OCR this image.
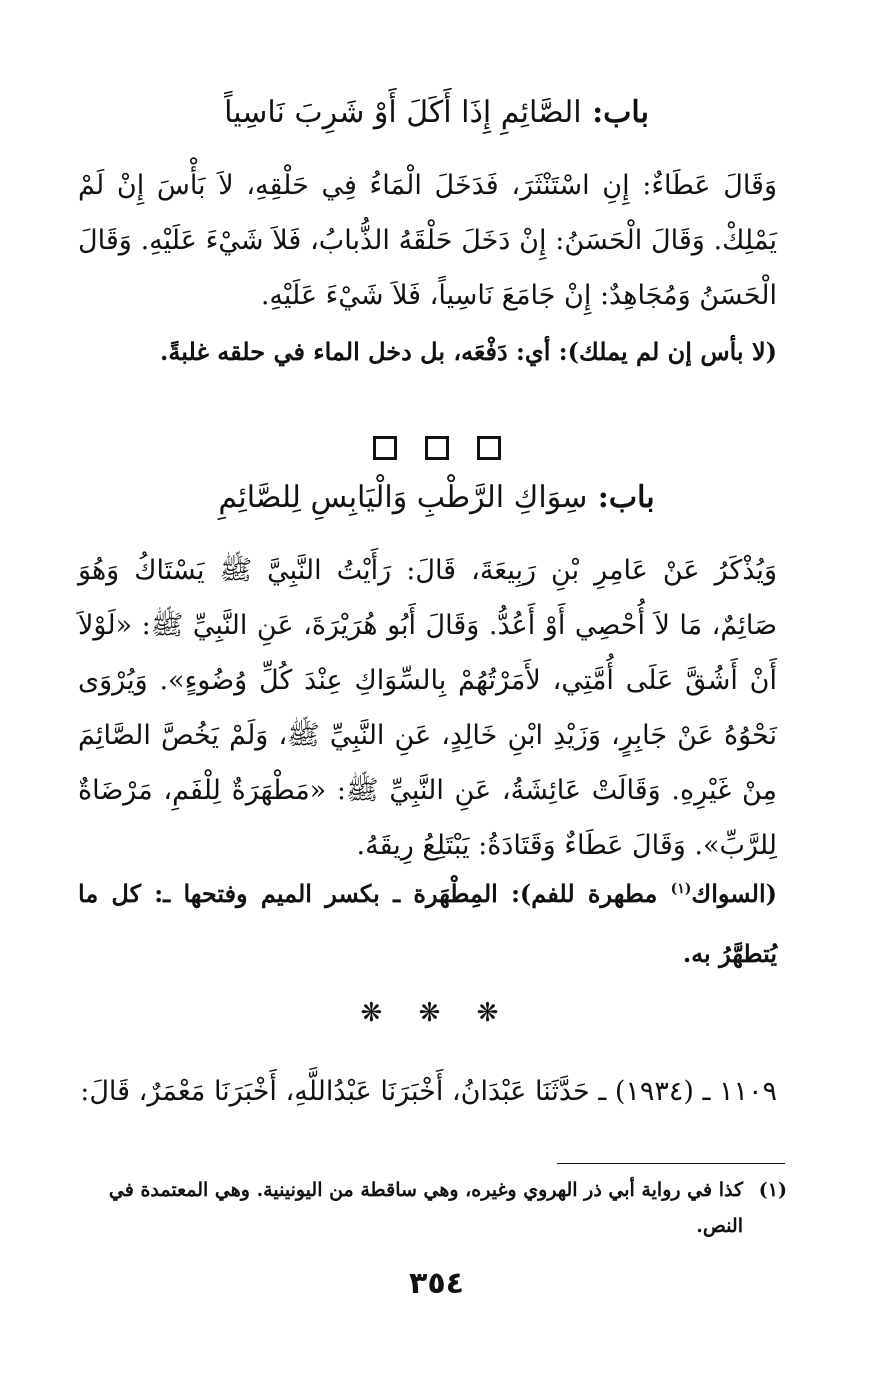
باب: الصَّائِمِ إِذَا أَكَلَ أَوْ شَرِبَ نَاسِياً
وَقَالَ عَطَاءٌ: إِنِ اسْتَنْثَرَ، فَدَخَلَ الْمَاءُ فِي حَلْقِهِ، لاَ بَأْسَ إِنْ لَمْ يَمْلِكْ. وَقَالَ الْحَسَنُ: إِنْ دَخَلَ حَلْقَهُ الذُّبابُ، فَلاَ شَيْءَ عَلَيْهِ. وَقَالَ الْحَسَنُ وَمُجَاهِدٌ: إِنْ جَامَعَ نَاسِياً، فَلاَ شَيْءَ عَلَيْهِ.
(لا بأس إن لم يملك): أي: دَفْعَه، بل دخل الماء في حلقه غلبةً.
باب: سِوَاكِ الرَّطْبِ وَالْيَابِسِ لِلصَّائِمِ
وَيُذْكَرُ عَنْ عَامِرِ بْنِ رَبِيعَةَ، قَالَ: رَأَيْتُ النَّبِيَّ ﷺ يَسْتَاكُ وَهُوَ صَائِمٌ، مَا لاَ أُحْصِي أَوْ أَعُدُّ. وَقَالَ أَبُو هُرَيْرَةَ، عَنِ النَّبِيِّ ﷺ: «لَوْلاَ أَنْ أَشُقَّ عَلَى أُمَّتِي، لأَمَرْتُهُمْ بِالسِّوَاكِ عِنْدَ كُلِّ وُضُوءٍ». وَيُرْوَى نَحْوُهُ عَنْ جَابِرٍ، وَزَيْدِ ابْنِ خَالِدٍ، عَنِ النَّبِيِّ ﷺ، وَلَمْ يَخُصَّ الصَّائِمَ مِنْ غَيْرِهِ. وَقَالَتْ عَائِشَةُ، عَنِ النَّبِيِّ ﷺ: «مَطْهَرَةٌ لِلْفَمِ، مَرْضَاةٌ لِلرَّبِّ». وَقَالَ عَطَاءٌ وَقَتَادَةُ: يَبْتَلِعُ رِيقَهُ.
(السواك$^{(١)}$ مطهرة للفم): المِطْهَرة ـ بكسر الميم وفتحها ـ: كل ما يُتطهَّرُ به.
❋ ❋ ❋
١١٠٩ ـ (١٩٣٤) ـ حَدَّثَنَا عَبْدَانُ، أَخْبَرَنَا عَبْدُاللَّهِ، أَخْبَرَنَا مَعْمَرٌ، قَالَ:
(١)
كذا في رواية أبي ذر الهروي وغيره، وهي ساقطة من اليونينية. وهي المعتمدة في النص.
٣٥٤
